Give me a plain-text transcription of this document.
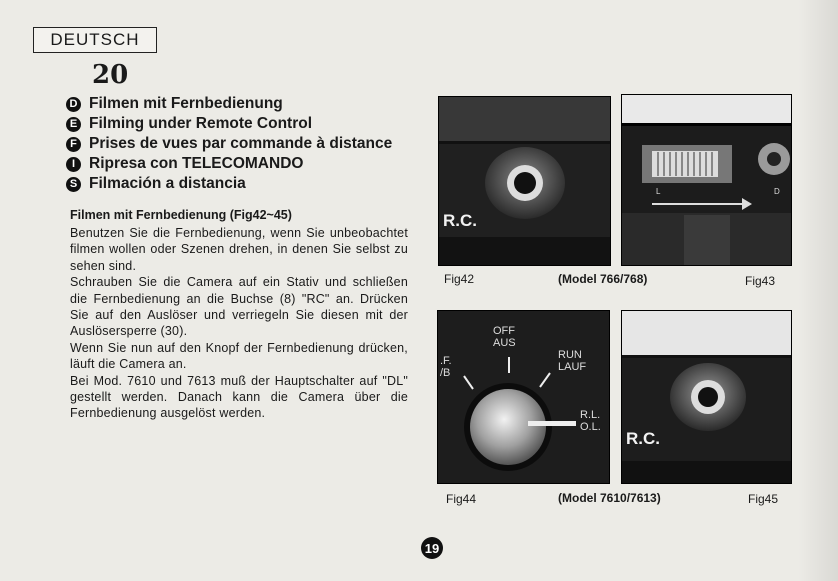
DEUTSCH
20
D Filmen mit Fernbedienung
E Filming under Remote Control
F Prises de vues par commande à distance
I Ripresa con TELECOMANDO
S Filmación a distancia
Filmen mit Fernbedienung (Fig42~45)

Benutzen Sie die Fernbedienung, wenn Sie unbeobachtet filmen wollen oder Szenen drehen, in denen Sie selbst zu sehen sind.

Schrauben Sie die Camera auf ein Stativ und schließen die Fernbedienung an die Buchse (8) "RC" an. Drücken Sie auf den Auslöser und verriegeln Sie diesen mit der Auslösersperre (30).

Wenn Sie nun auf den Knopf der Fernbedienung drücken, läuft die Camera an.

Bei Mod. 7610 und 7613 muß der Hauptschalter auf "DL" gestellt werden. Danach kann die Camera über die Fernbedienung ausgelöst werden.

R.C.
Fig42
L	D
Fig43
(Model 766/768)
OFF
AUS
RUN
LAUF
R.L.
O.L.
.F.
/B
Fig44
R.C.
Fig45
(Model 7610/7613)
19
